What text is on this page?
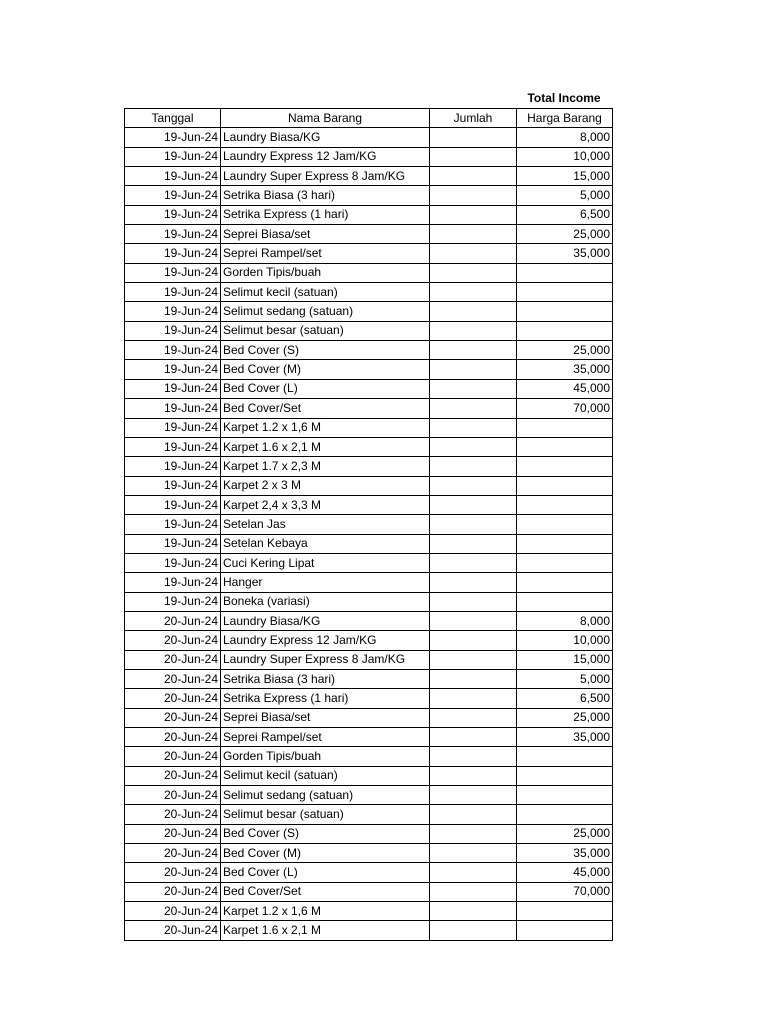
Total Income
Tanggal	Nama Barang	Jumlah	Harga Barang
19-Jun-24	Laundry Biasa/KG		8,000
19-Jun-24	Laundry Express 12 Jam/KG		10,000
19-Jun-24	Laundry Super Express 8 Jam/KG		15,000
19-Jun-24	Setrika Biasa (3 hari)		5,000
19-Jun-24	Setrika Express (1 hari)		6,500
19-Jun-24	Seprei Biasa/set		25,000
19-Jun-24	Seprei Rampel/set		35,000
19-Jun-24	Gorden Tipis/buah		
19-Jun-24	Selimut kecil (satuan)		
19-Jun-24	Selimut sedang (satuan)		
19-Jun-24	Selimut besar (satuan)		
19-Jun-24	Bed Cover (S)		25,000
19-Jun-24	Bed Cover (M)		35,000
19-Jun-24	Bed Cover (L)		45,000
19-Jun-24	Bed Cover/Set		70,000
19-Jun-24	Karpet 1.2 x 1,6 M		
19-Jun-24	Karpet 1.6 x 2,1 M		
19-Jun-24	Karpet 1.7 x 2,3 M		
19-Jun-24	Karpet 2 x 3 M		
19-Jun-24	Karpet 2,4 x 3,3 M		
19-Jun-24	Setelan Jas		
19-Jun-24	Setelan Kebaya		
19-Jun-24	Cuci Kering Lipat		
19-Jun-24	Hanger		
19-Jun-24	Boneka (variasi)		
20-Jun-24	Laundry Biasa/KG		8,000
20-Jun-24	Laundry Express 12 Jam/KG		10,000
20-Jun-24	Laundry Super Express 8 Jam/KG		15,000
20-Jun-24	Setrika Biasa (3 hari)		5,000
20-Jun-24	Setrika Express (1 hari)		6,500
20-Jun-24	Seprei Biasa/set		25,000
20-Jun-24	Seprei Rampel/set		35,000
20-Jun-24	Gorden Tipis/buah		
20-Jun-24	Selimut kecil (satuan)		
20-Jun-24	Selimut sedang (satuan)		
20-Jun-24	Selimut besar (satuan)		
20-Jun-24	Bed Cover (S)		25,000
20-Jun-24	Bed Cover (M)		35,000
20-Jun-24	Bed Cover (L)		45,000
20-Jun-24	Bed Cover/Set		70,000
20-Jun-24	Karpet 1.2 x 1,6 M		
20-Jun-24	Karpet 1.6 x 2,1 M		
